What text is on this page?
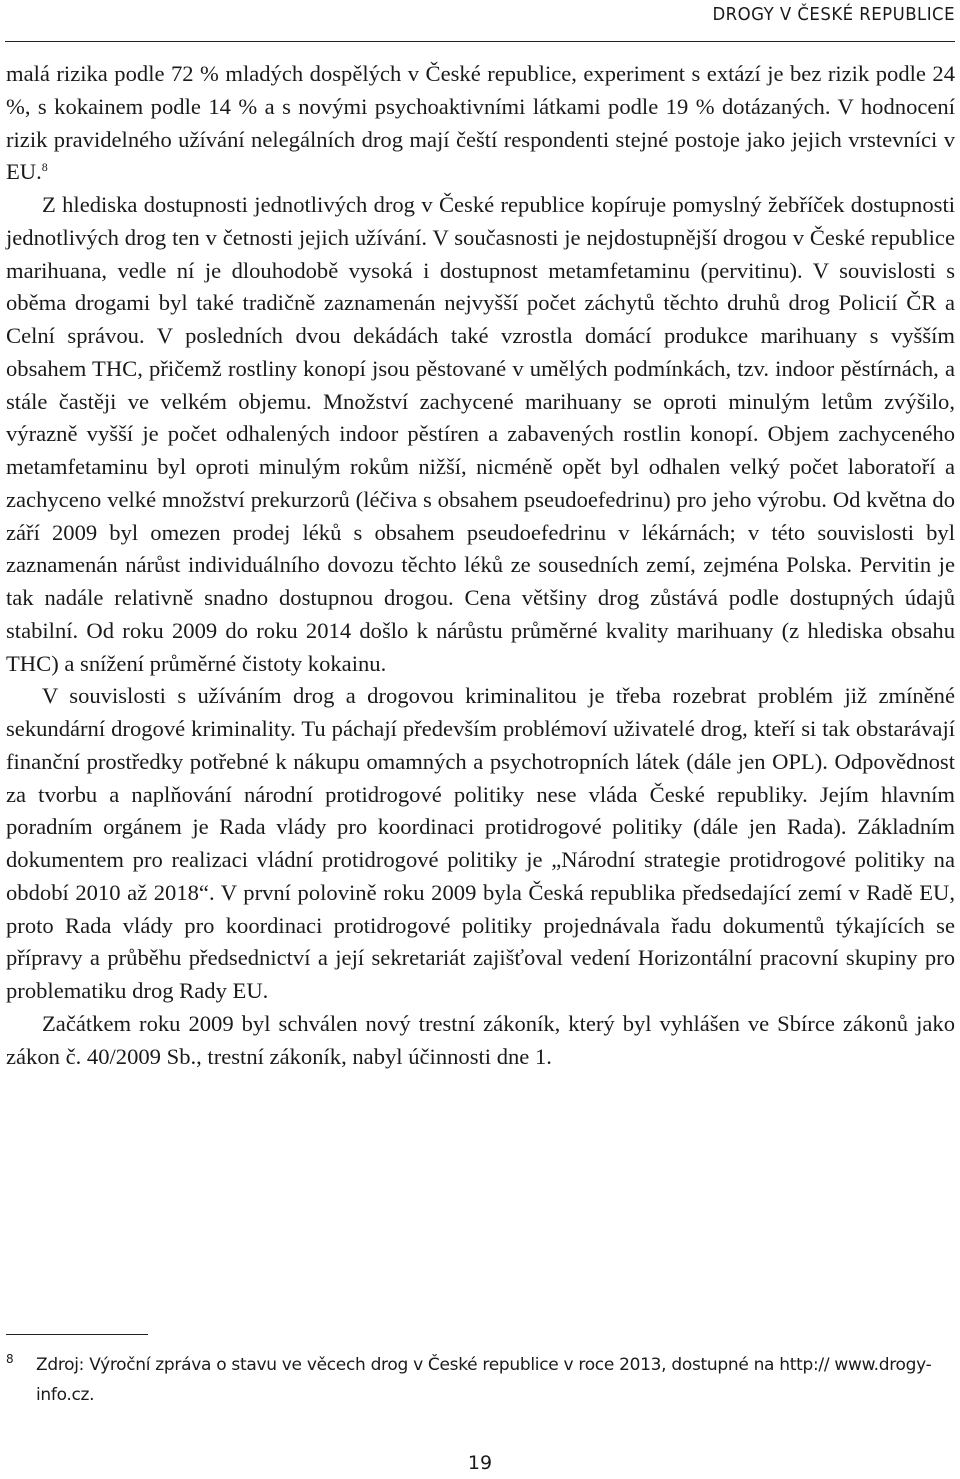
DROGY V ČESKÉ REPUBLICE

malá rizika podle 72 % mladých dospělých v České republice, experiment s extází je bez rizik podle 24 %, s kokainem podle 14 % a s novými psychoaktivními látkami podle 19 % dotázaných. V hodnocení rizik pravidelného užívání nelegálních drog mají čeští respondenti stejné postoje jako jejich vrstevníci v EU.$^8$

Z hlediska dostupnosti jednotlivých drog v České republice kopíruje pomyslný žebříček dostupnosti jednotlivých drog ten v četnosti jejich užívání. V současnosti je nejdostupnější drogou v České republice marihuana, vedle ní je dlouhodobě vysoká i dostupnost metamfetaminu (pervitinu). V souvislosti s oběma drogami byl také tradičně zaznamenán nejvyšší počet záchytů těchto druhů drog Policií ČR a Celní správou. V posledních dvou dekádách také vzrostla domácí produkce marihuany s vyšším obsahem THC, přičemž rostliny konopí jsou pěstované v umělých podmínkách, tzv. indoor pěstírnách, a stále častěji ve velkém objemu. Množství zachycené marihuany se oproti minulým letům zvýšilo, výrazně vyšší je počet odhalených indoor pěstíren a zabavených rostlin konopí. Objem zachyceného metamfetaminu byl oproti minulým rokům nižší, nicméně opět byl odhalen velký počet laboratoří a zachyceno velké množství prekurzorů (léčiva s obsahem pseudoefedrinu) pro jeho výrobu. Od května do září 2009 byl omezen prodej léků s obsahem pseudoefedrinu v lékárnách; v této souvislosti byl zaznamenán nárůst individuálního dovozu těchto léků ze sousedních zemí, zejména Polska. Pervitin je tak nadále relativně snadno dostupnou drogou. Cena většiny drog zůstává podle dostupných údajů stabilní. Od roku 2009 do roku 2014 došlo k nárůstu průměrné kvality marihuany (z hlediska obsahu THC) a snížení průměrné čistoty kokainu.

V souvislosti s užíváním drog a drogovou kriminalitou je třeba rozebrat problém již zmíněné sekundární drogové kriminality. Tu páchají především problémoví uživatelé drog, kteří si tak obstarávají finanční prostředky potřebné k nákupu omamných a psychotropních látek (dále jen OPL). Odpovědnost za tvorbu a naplňování národní protidrogové politiky nese vláda České republiky. Jejím hlavním poradním orgánem je Rada vlády pro koordinaci protidrogové politiky (dále jen Rada). Základním dokumentem pro realizaci vládní protidrogové politiky je „Národní strategie protidrogové politiky na období 2010 až 2018“. V první polovině roku 2009 byla Česká republika předsedající zemí v Radě EU, proto Rada vlády pro koordinaci protidrogové politiky projednávala řadu dokumentů týkajících se přípravy a průběhu předsednictví a její sekretariát zajišťoval vedení Horizontální pracovní skupiny pro problematiku drog Rady EU.

Začátkem roku 2009 byl schválen nový trestní zákoník, který byl vyhlášen ve Sbírce zákonů jako zákon č. 40/2009 Sb., trestní zákoník, nabyl účinnosti dne 1.

8 Zdroj: Výroční zpráva o stavu ve věcech drog v České republice v roce 2013, dostupné na http:// www.drogy-info.cz.
19
